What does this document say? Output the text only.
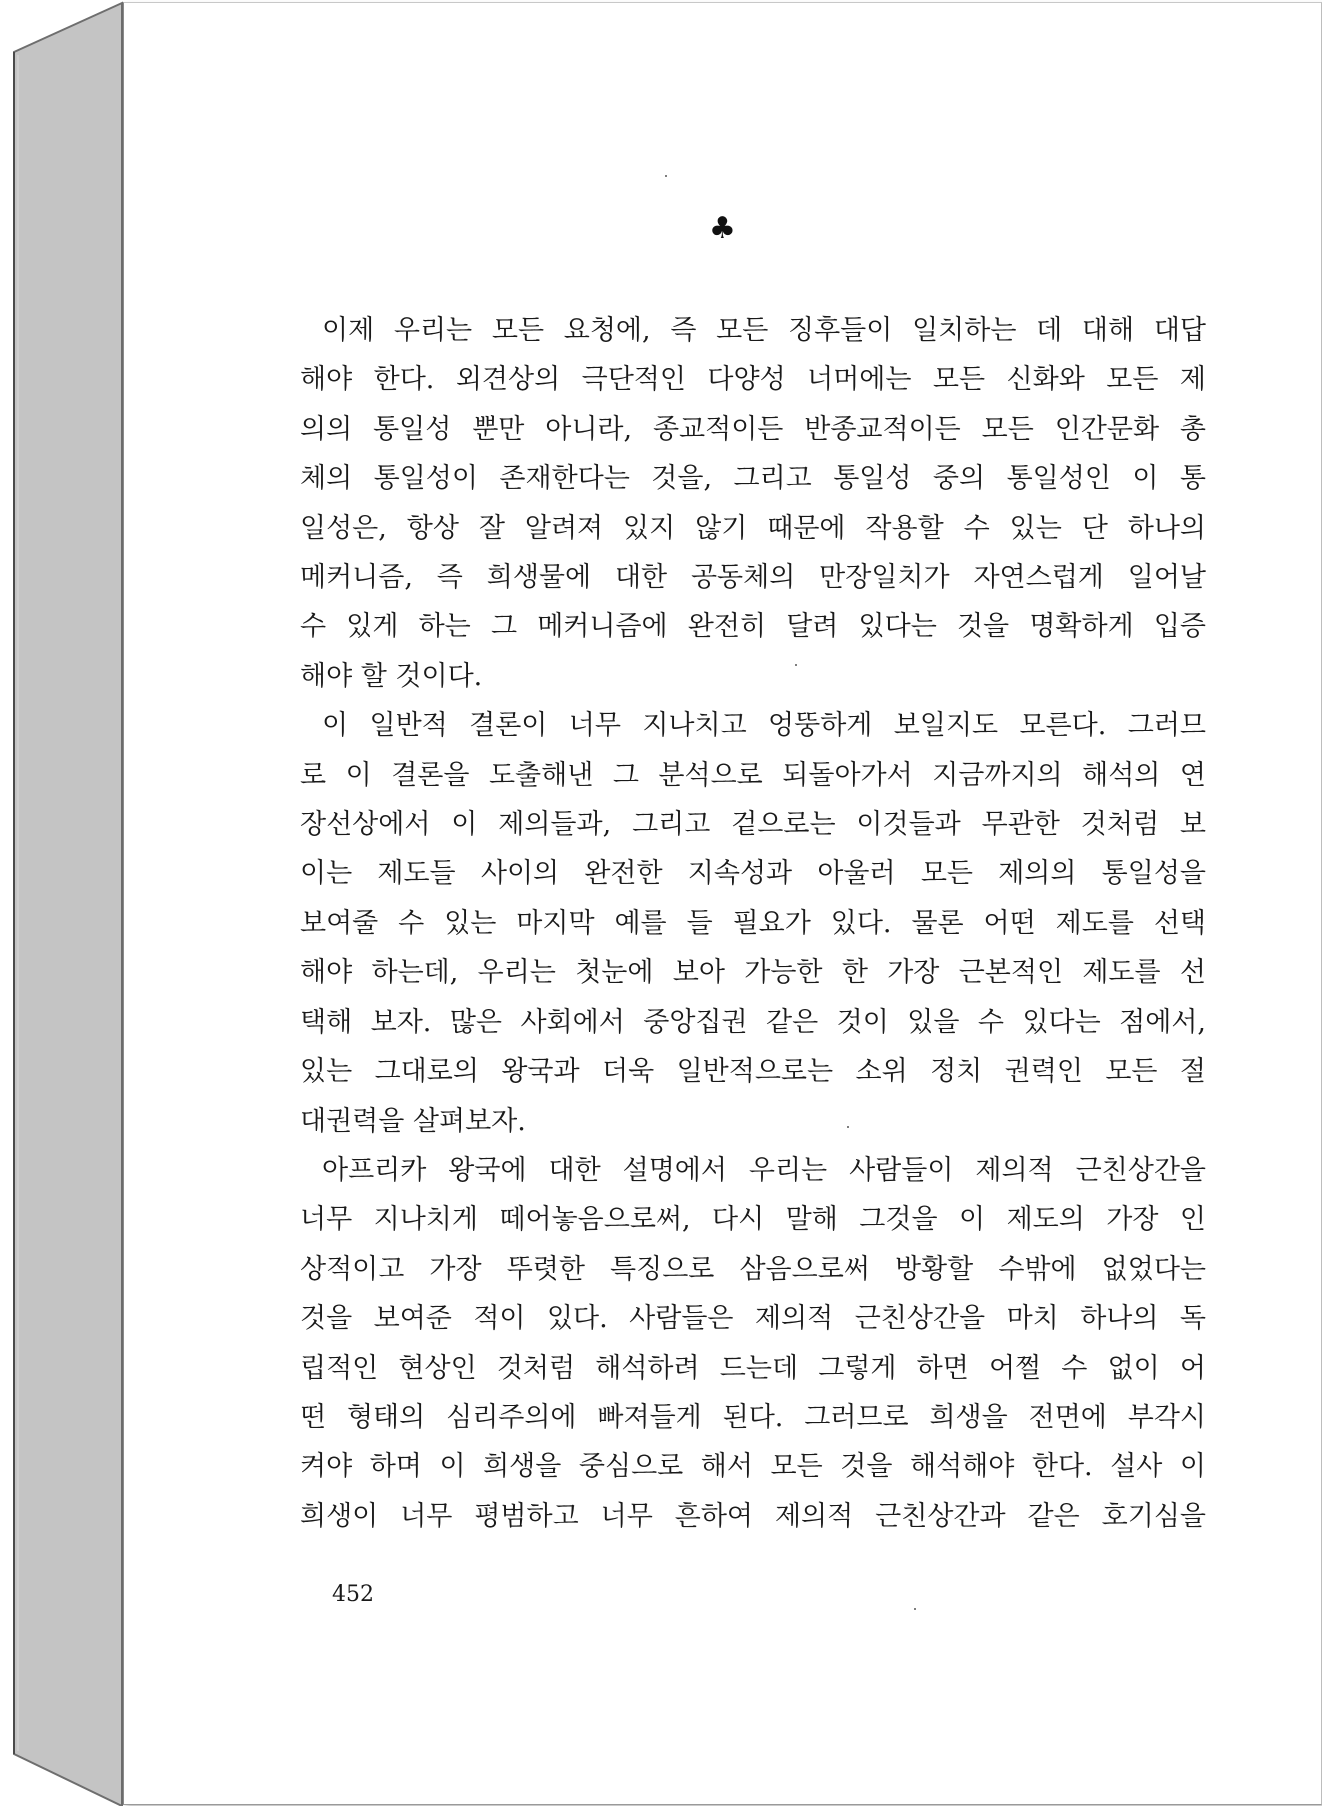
♣

이제 우리는 모든 요청에, 즉 모든 징후들이 일치하는 데 대해 대답
해야 한다. 외견상의 극단적인 다양성 너머에는 모든 신화와 모든 제
의의 통일성 뿐만 아니라, 종교적이든 반종교적이든 모든 인간문화 총
체의 통일성이 존재한다는 것을, 그리고 통일성 중의 통일성인 이 통
일성은, 항상 잘 알려져 있지 않기 때문에 작용할 수 있는 단 하나의
메커니즘, 즉 희생물에 대한 공동체의 만장일치가 자연스럽게 일어날
수 있게 하는 그 메커니즘에 완전히 달려 있다는 것을 명확하게 입증
해야 할 것이다.

이 일반적 결론이 너무 지나치고 엉뚱하게 보일지도 모른다. 그러므
로 이 결론을 도출해낸 그 분석으로 되돌아가서 지금까지의 해석의 연
장선상에서 이 제의들과, 그리고 겉으로는 이것들과 무관한 것처럼 보
이는 제도들 사이의 완전한 지속성과 아울러 모든 제의의 통일성을
보여줄 수 있는 마지막 예를 들 필요가 있다. 물론 어떤 제도를 선택
해야 하는데, 우리는 첫눈에 보아 가능한 한 가장 근본적인 제도를 선
택해 보자. 많은 사회에서 중앙집권 같은 것이 있을 수 있다는 점에서,
있는 그대로의 왕국과 더욱 일반적으로는 소위 정치 권력인 모든 절
대권력을 살펴보자.

아프리카 왕국에 대한 설명에서 우리는 사람들이 제의적 근친상간을
너무 지나치게 떼어놓음으로써, 다시 말해 그것을 이 제도의 가장 인
상적이고 가장 뚜렷한 특징으로 삼음으로써 방황할 수밖에 없었다는
것을 보여준 적이 있다. 사람들은 제의적 근친상간을 마치 하나의 독
립적인 현상인 것처럼 해석하려 드는데 그렇게 하면 어쩔 수 없이 어
떤 형태의 심리주의에 빠져들게 된다. 그러므로 희생을 전면에 부각시
켜야 하며 이 희생을 중심으로 해서 모든 것을 해석해야 한다. 설사 이
희생이 너무 평범하고 너무 흔하여 제의적 근친상간과 같은 호기심을

452
